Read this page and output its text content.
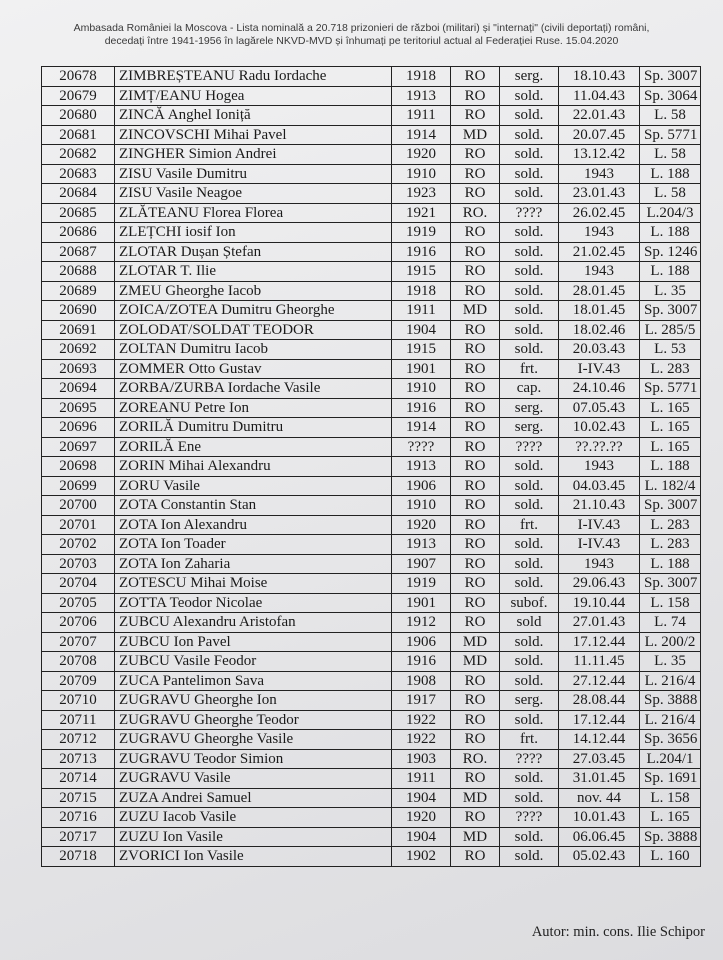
Ambasada României la Moscova - Lista nominală a 20.718 prizonieri de război (militari) și "internați" (civili deportați) români,
decedați între 1941-1956 în lagărele NKVD-MVD și înhumați pe teritoriul actual al Federației Ruse. 15.04.2020
20678	ZIMBREȘTEANU Radu Iordache	1918	RO	serg.	18.10.43	Sp. 3007
20679	ZIMȚ/EANU Hogea	1913	RO	sold.	11.04.43	Sp. 3064
20680	ZINCĂ Anghel Ioniță	1911	RO	sold.	22.01.43	L. 58
20681	ZINCOVSCHI Mihai Pavel	1914	MD	sold.	20.07.45	Sp. 5771
20682	ZINGHER Simion Andrei	1920	RO	sold.	13.12.42	L. 58
20683	ZISU Vasile Dumitru	1910	RO	sold.	1943	L. 188
20684	ZISU Vasile Neagoe	1923	RO	sold.	23.01.43	L. 58
20685	ZLĂTEANU Florea Florea	1921	RO.	????	26.02.45	L.204/3
20686	ZLEȚCHI iosif Ion	1919	RO	sold.	1943	L. 188
20687	ZLOTAR Dușan Ștefan	1916	RO	sold.	21.02.45	Sp. 1246
20688	ZLOTAR T. Ilie	1915	RO	sold.	1943	L. 188
20689	ZMEU Gheorghe Iacob	1918	RO	sold.	28.01.45	L. 35
20690	ZOICA/ZOTEA Dumitru Gheorghe	1911	MD	sold.	18.01.45	Sp. 3007
20691	ZOLODAT/SOLDAT TEODOR	1904	RO	sold.	18.02.46	L. 285/5
20692	ZOLTAN Dumitru Iacob	1915	RO	sold.	20.03.43	L. 53
20693	ZOMMER Otto Gustav	1901	RO	frt.	I-IV.43	L. 283
20694	ZORBA/ZURBA Iordache Vasile	1910	RO	cap.	24.10.46	Sp. 5771
20695	ZOREANU Petre Ion	1916	RO	serg.	07.05.43	L. 165
20696	ZORILĂ Dumitru Dumitru	1914	RO	serg.	10.02.43	L. 165
20697	ZORILĂ Ene	????	RO	????	??.??.??	L. 165
20698	ZORIN Mihai Alexandru	1913	RO	sold.	1943	L. 188
20699	ZORU Vasile	1906	RO	sold.	04.03.45	L. 182/4
20700	ZOTA Constantin Stan	1910	RO	sold.	21.10.43	Sp. 3007
20701	ZOTA Ion Alexandru	1920	RO	frt.	I-IV.43	L. 283
20702	ZOTA Ion Toader	1913	RO	sold.	I-IV.43	L. 283
20703	ZOTA Ion Zaharia	1907	RO	sold.	1943	L. 188
20704	ZOTESCU Mihai Moise	1919	RO	sold.	29.06.43	Sp. 3007
20705	ZOTTA Teodor Nicolae	1901	RO	subof.	19.10.44	L. 158
20706	ZUBCU Alexandru Aristofan	1912	RO	sold	27.01.43	L. 74
20707	ZUBCU Ion Pavel	1906	MD	sold.	17.12.44	L. 200/2
20708	ZUBCU Vasile Feodor	1916	MD	sold.	11.11.45	L. 35
20709	ZUCA Pantelimon Sava	1908	RO	sold.	27.12.44	L. 216/4
20710	ZUGRAVU Gheorghe Ion	1917	RO	serg.	28.08.44	Sp. 3888
20711	ZUGRAVU Gheorghe Teodor	1922	RO	sold.	17.12.44	L. 216/4
20712	ZUGRAVU Gheorghe Vasile	1922	RO	frt.	14.12.44	Sp. 3656
20713	ZUGRAVU Teodor Simion	1903	RO.	????	27.03.45	L.204/1
20714	ZUGRAVU Vasile	1911	RO	sold.	31.01.45	Sp. 1691
20715	ZUZA Andrei Samuel	1904	MD	sold.	nov. 44	L. 158
20716	ZUZU Iacob Vasile	1920	RO	????	10.01.43	L. 165
20717	ZUZU Ion Vasile	1904	MD	sold.	06.06.45	Sp. 3888
20718	ZVORICI Ion Vasile	1902	RO	sold.	05.02.43	L. 160
Autor: min. cons. Ilie Schipor
